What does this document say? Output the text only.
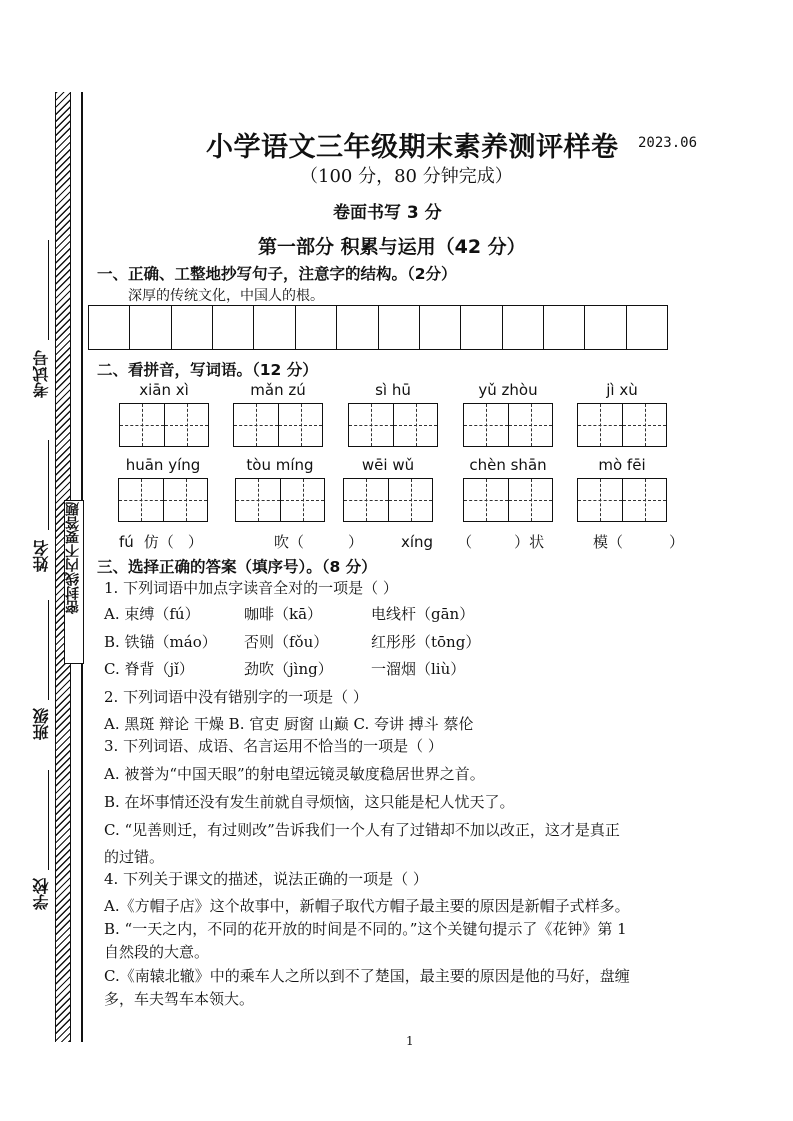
考试号
姓名 密封线内不要答题
班级
学校
小学语文三年级期末素养测评样卷 2023.06
（100 分，80 分钟完成）
卷面书写 3 分
第一部分 积累与运用（42 分）
一、正确、工整地抄写句子，注意字的结构。（2分）
深厚的传统文化，中国人的根。
二、看拼音，写词语。（12 分）
xiān xì	mǎn zú	sì hū	yǔ zhòu	jì xù
huān yíng	tòu míng	wēi wǔ	chèn shān	mò fēi
fú 仿（ ）	吹（	）	xíng （	）状	模（	）
三、选择正确的答案（填序号）。（8 分）
1. 下列词语中加点字读音全对的一项是（ ）
A. 束缚（fú）	咖啡（kā）	电线杆（gān）
B. 铁锚（máo） 否则（fǒu）	红彤彤（tōng）
C. 脊背（jǐ）	劲吹（jìng）	一溜烟（liù）
2. 下列词语中没有错别字的一项是（ ）
A. 黑斑 辩论 干燥 B. 官吏 厨窗 山巅 C. 夸讲 搏斗 蔡伦
3. 下列词语、成语、名言运用不恰当的一项是（ ）
A. 被誉为“中国天眼”的射电望远镜灵敏度稳居世界之首。
B. 在坏事情还没有发生前就自寻烦恼，这只能是杞人忧天了。
C. “见善则迁，有过则改”告诉我们一个人有了过错却不加以改正，这才是真正
的过错。
4. 下列关于课文的描述，说法正确的一项是（ ）
A.《方帽子店》这个故事中，新帽子取代方帽子最主要的原因是新帽子式样多。
B. “一天之内，不同的花开放的时间是不同的。”这个关键句提示了《花钟》第 1
自然段的大意。
C.《南辕北辙》中的乘车人之所以到不了楚国，最主要的原因是他的马好，盘缠
多，车夫驾车本领大。
1
